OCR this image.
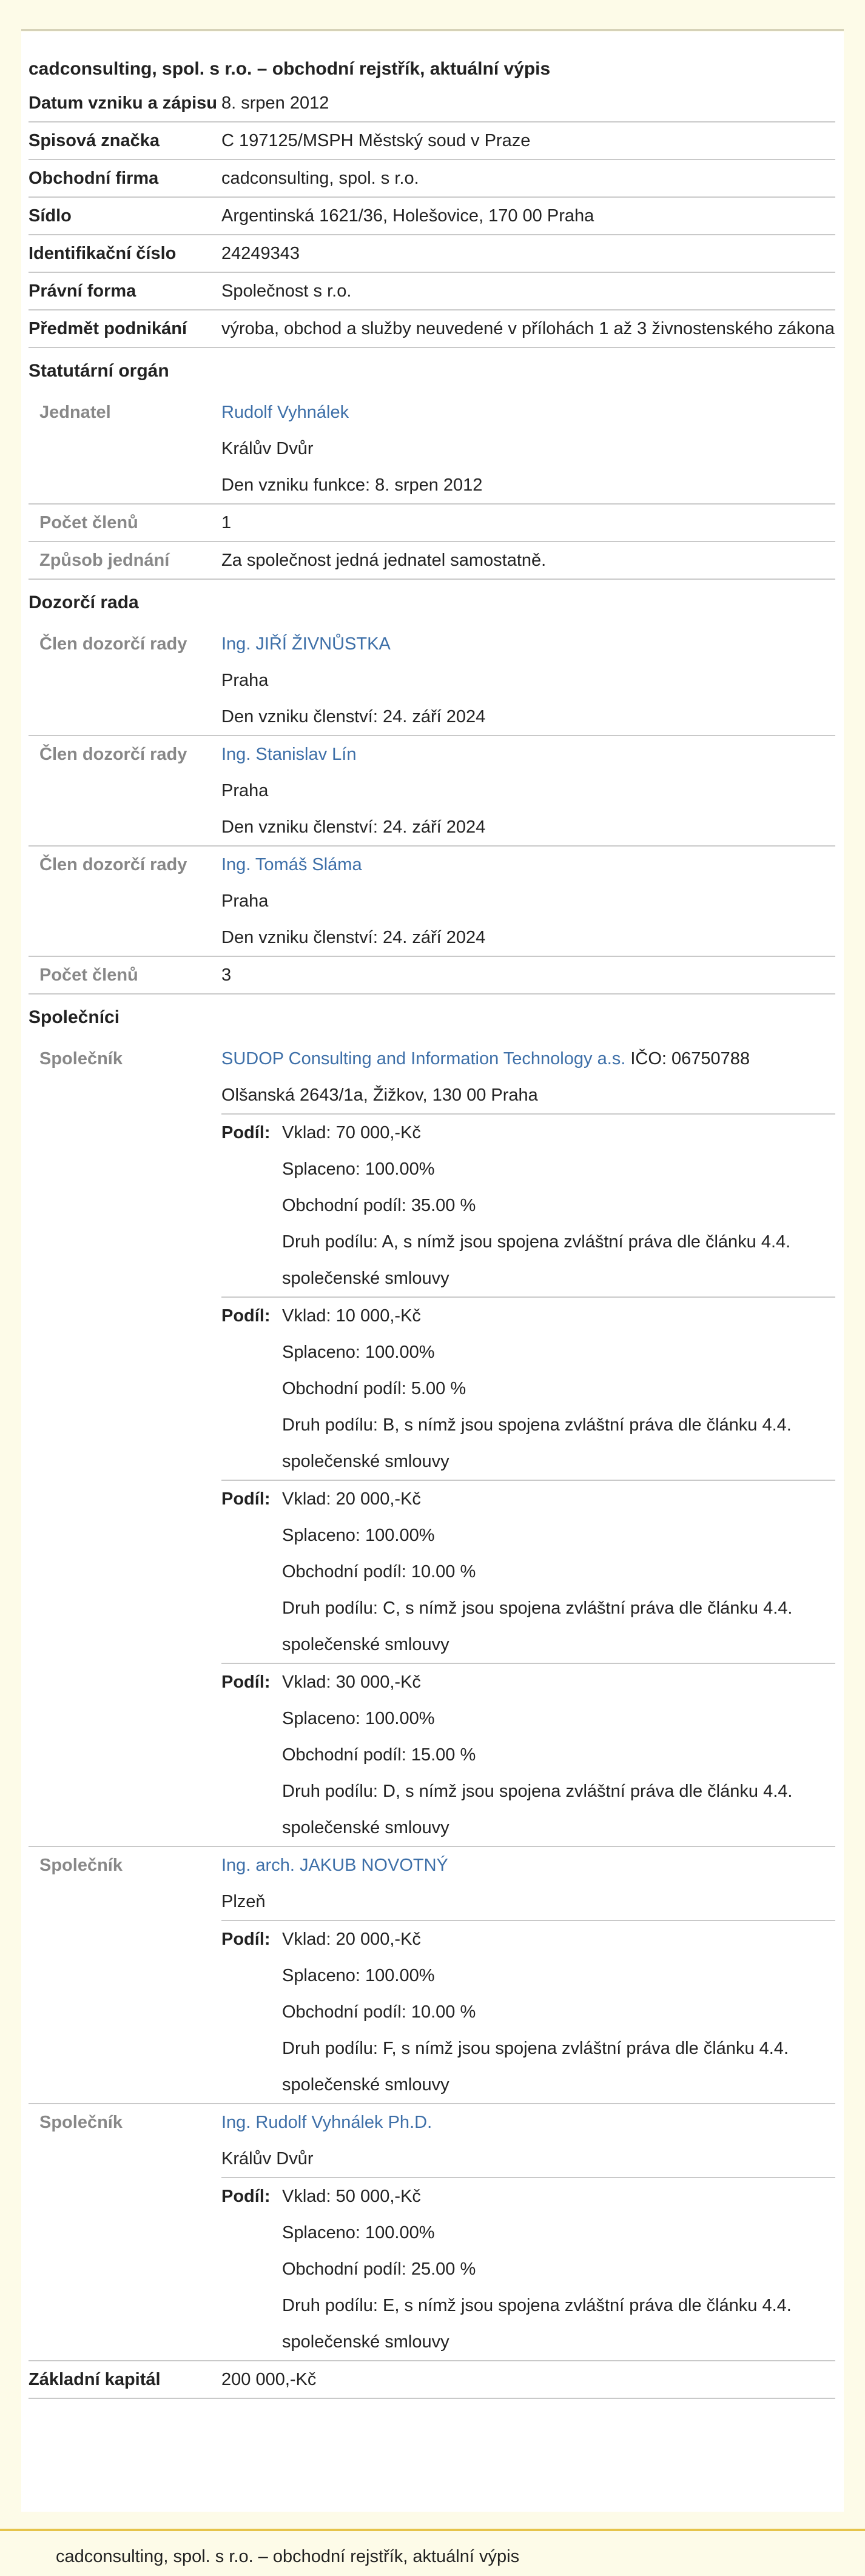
cadconsulting, spol. s r.o. – obchodní rejstřík, aktuální výpis
Datum vzniku a zápisu 8. srpen 2012
Spisová značka	C 197125/MSPH Městský soud v Praze
Obchodní firma	cadconsulting, spol. s r.o.
Sídlo	Argentinská 1621/36, Holešovice, 170 00 Praha
Identifikační číslo	24249343
Právní forma	Společnost s r.o.
Předmět podnikání	výroba, obchod a služby neuvedené v přílohách 1 až 3 živnostenského zákona
Statutární orgán
Jednatel	Rudolf Vyhnálek
Králův Dvůr
Den vzniku funkce: 8. srpen 2012
Počet členů	1
Způsob jednání	Za společnost jedná jednatel samostatně.
Dozorčí rada
Člen dozorčí rady	Ing. JIŘÍ ŽIVNŮSTKA
Praha
Den vzniku členství: 24. září 2024
Člen dozorčí rady	Ing. Stanislav Lín
Praha
Den vzniku členství: 24. září 2024
Člen dozorčí rady	Ing. Tomáš Sláma
Praha
Den vzniku členství: 24. září 2024
Počet členů	3
Společníci
Společník	SUDOP Consulting and Information Technology a.s. IČO: 06750788
Olšanská 2643/1a, Žižkov, 130 00 Praha
Podíl: Vklad: 70 000,-Kč
Splaceno: 100.00%
Obchodní podíl: 35.00 %
Druh podílu: A, s nímž jsou spojena zvláštní práva dle článku 4.4.
společenské smlouvy
Podíl: Vklad: 10 000,-Kč
Splaceno: 100.00%
Obchodní podíl: 5.00 %
Druh podílu: B, s nímž jsou spojena zvláštní práva dle článku 4.4.
společenské smlouvy
Podíl: Vklad: 20 000,-Kč
Splaceno: 100.00%
Obchodní podíl: 10.00 %
Druh podílu: C, s nímž jsou spojena zvláštní práva dle článku 4.4.
společenské smlouvy
Podíl: Vklad: 30 000,-Kč
Splaceno: 100.00%
Obchodní podíl: 15.00 %
Druh podílu: D, s nímž jsou spojena zvláštní práva dle článku 4.4.
společenské smlouvy
Společník	Ing. arch. JAKUB NOVOTNÝ
Plzeň
Podíl: Vklad: 20 000,-Kč
Splaceno: 100.00%
Obchodní podíl: 10.00 %
Druh podílu: F, s nímž jsou spojena zvláštní práva dle článku 4.4.
společenské smlouvy
Společník	Ing. Rudolf Vyhnálek Ph.D.
Králův Dvůr
Podíl: Vklad: 50 000,-Kč
Splaceno: 100.00%
Obchodní podíl: 25.00 %
Druh podílu: E, s nímž jsou spojena zvláštní práva dle článku 4.4.
společenské smlouvy
Základní kapitál	200 000,-Kč
cadconsulting, spol. s r.o. – obchodní rejstřík, aktuální výpis
